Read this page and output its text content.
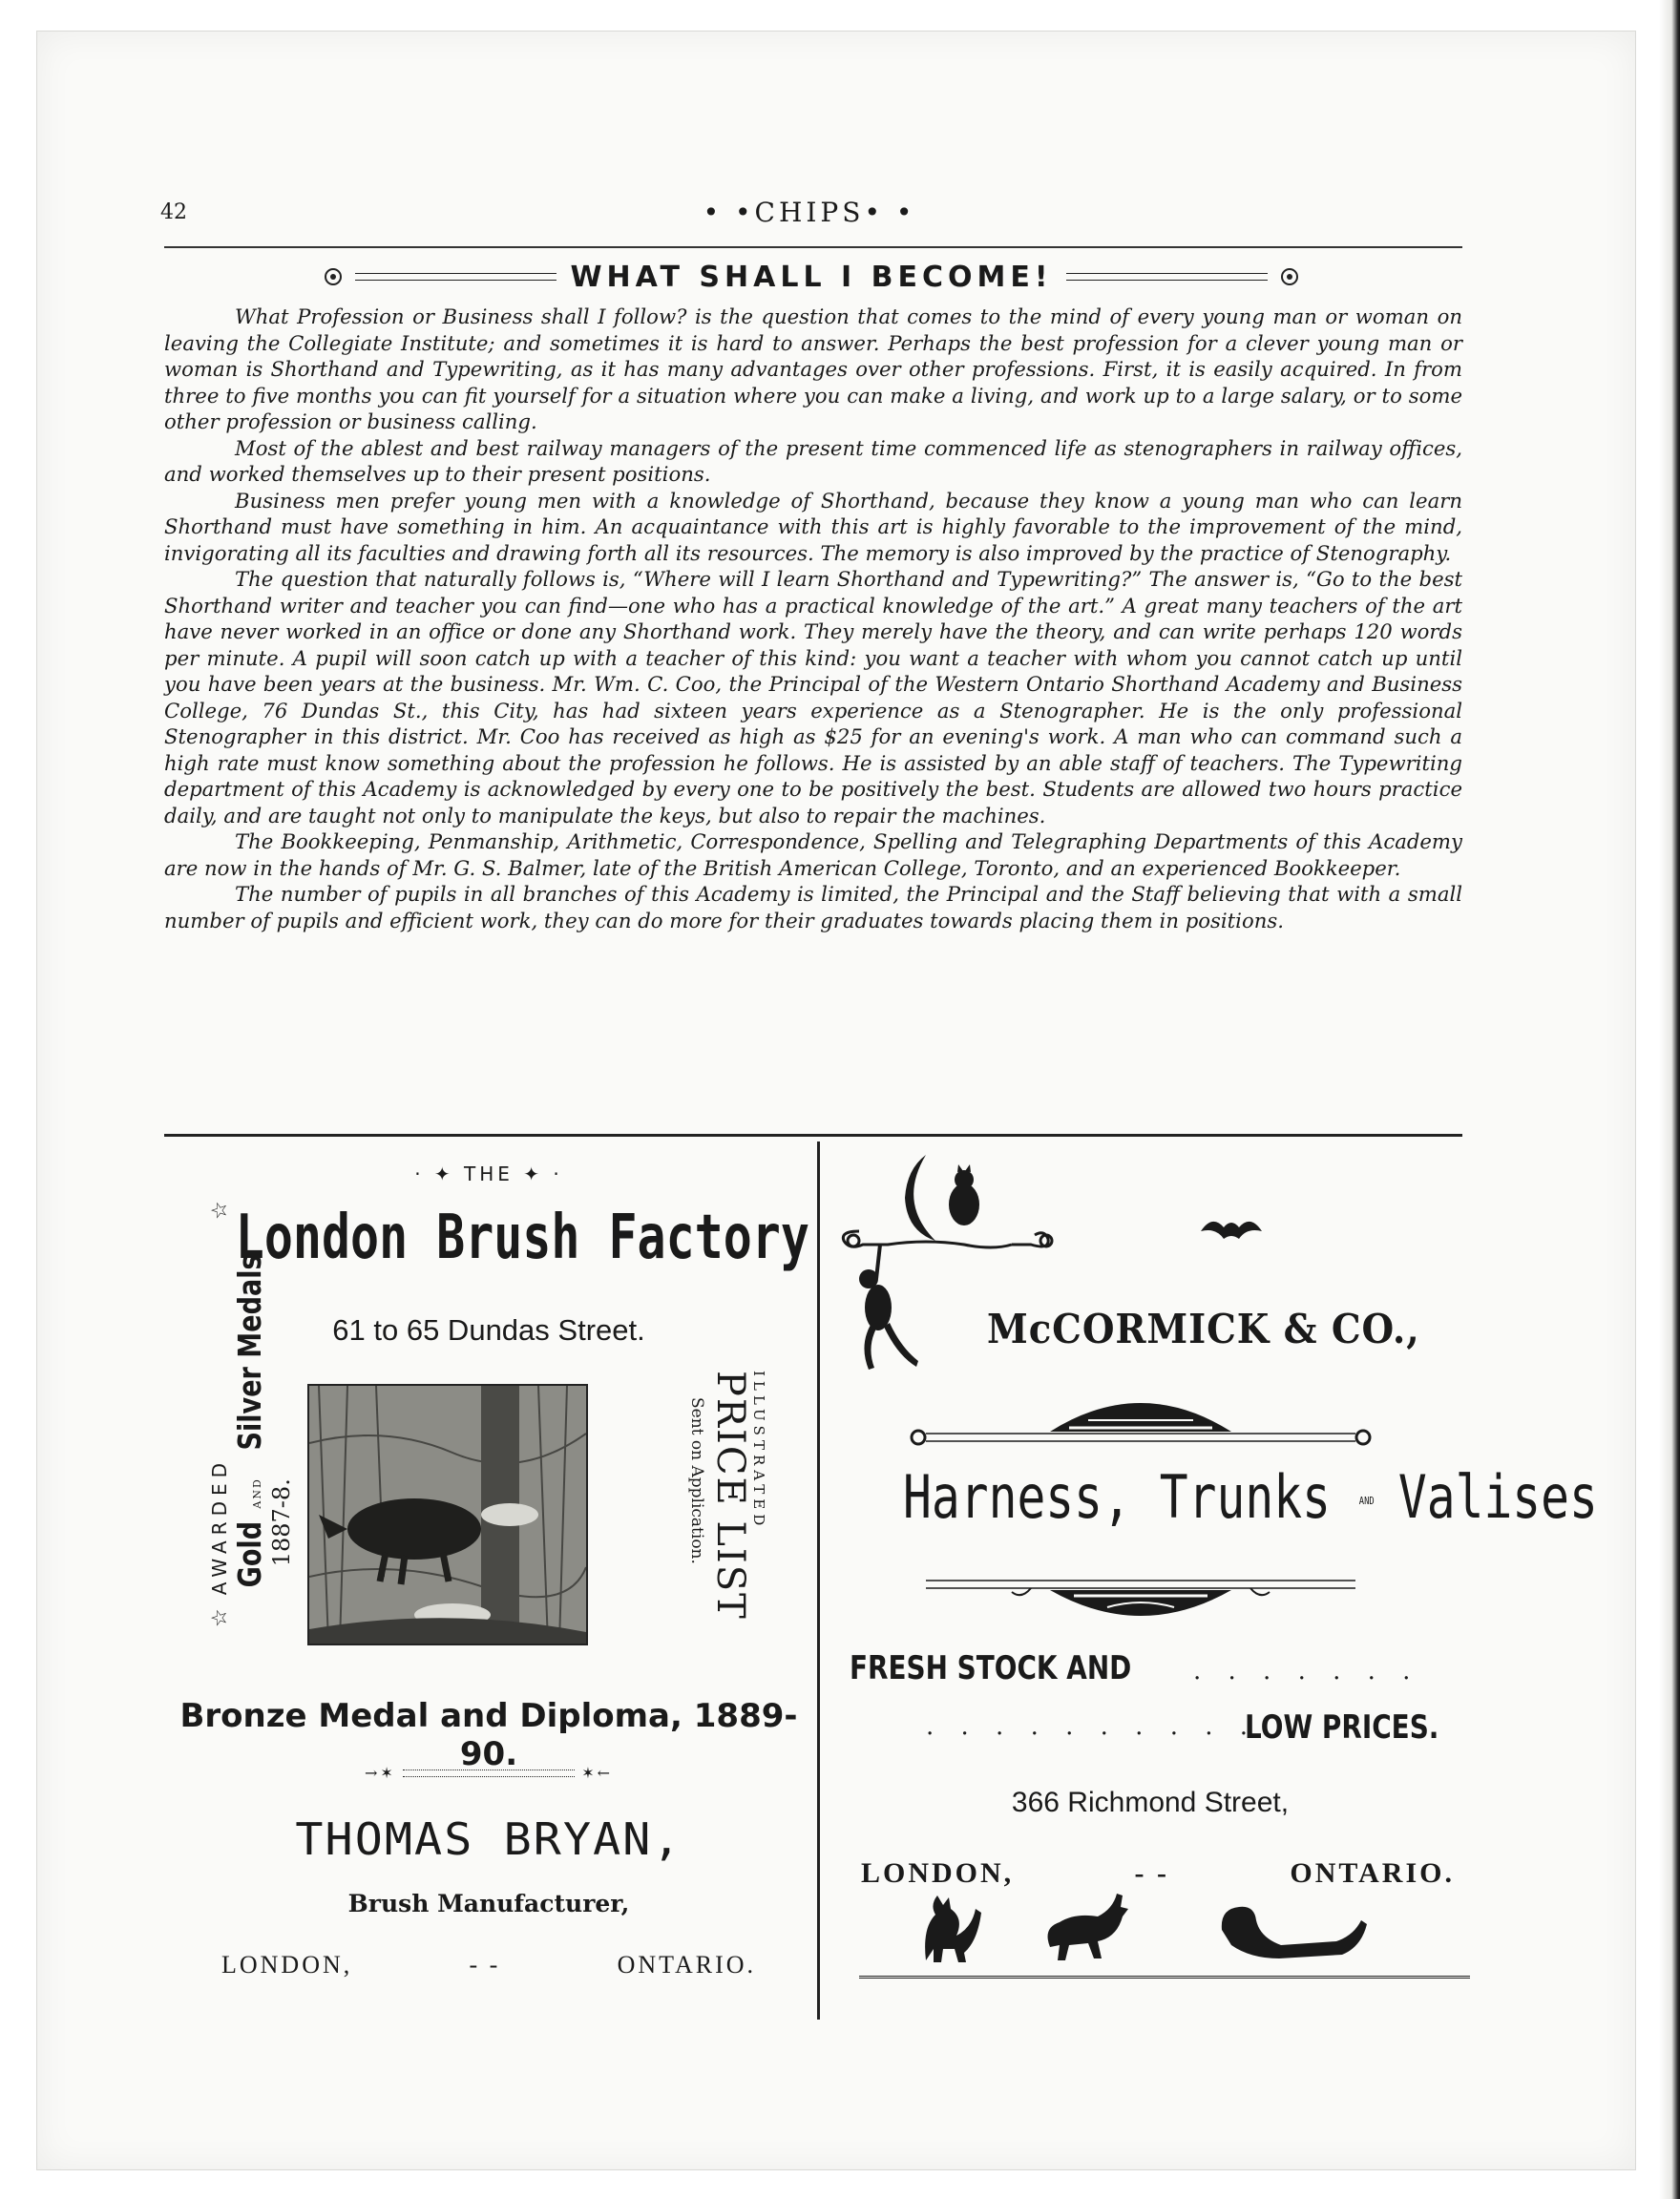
42	• •CHIPS• •
WHAT SHALL I BECOME!

What Profession or Business shall I follow? is the question that comes to the mind of every young man or woman on leaving the Collegiate Institute; and sometimes it is hard to answer. Perhaps the best profession for a clever young man or woman is Shorthand and Typewriting, as it has many advantages over other professions. First, it is easily acquired. In from three to five months you can fit yourself for a situation where you can make a living, and work up to a large salary, or to some other profession or business calling.

Most of the ablest and best railway managers of the present time commenced life as stenographers in railway offices, and worked themselves up to their present positions.

Business men prefer young men with a knowledge of Shorthand, because they know a young man who can learn Shorthand must have something in him. An acquaintance with this art is highly favorable to the improvement of the mind, invigorating all its faculties and drawing forth all its resources. The memory is also improved by the practice of Stenography.

The question that naturally follows is, “Where will I learn Shorthand and Typewriting?” The answer is, “Go to the best Shorthand writer and teacher you can find—one who has a practical knowledge of the art.” A great many teachers of the art have never worked in an office or done any Shorthand work. They merely have the theory, and can write perhaps 120 words per minute. A pupil will soon catch up with a teacher of this kind: you want a teacher with whom you cannot catch up until you have been years at the business. Mr. Wm. C. Coo, the Principal of the Western Ontario Shorthand Academy and Business College, 76 Dundas St., this City, has had sixteen years experience as a Stenographer. He is the only professional Stenographer in this district. Mr. Coo has received as high as $25 for an evening's work. A man who can command such a high rate must know something about the profession he follows. He is assisted by an able staff of teachers. The Typewriting department of this Academy is acknowledged by every one to be positively the best. Students are allowed two hours practice daily, and are taught not only to manipulate the keys, but also to repair the machines.

The Bookkeeping, Penmanship, Arithmetic, Correspondence, Spelling and Telegraphing Departments of this Academy are now in the hands of Mr. G. S. Balmer, late of the British American College, Toronto, and an experienced Bookkeeper.

The number of pupils in all branches of this Academy is limited, the Principal and the Staff believing that with a small number of pupils and efficient work, they can do more for their graduates towards placing them in positions.

· ✦ THE ✦ ·
London Brush Factory
61 to 65 Dundas Street.
☆
AWARDED Gold
AND
Silver Medals
1887-8.
☆
ILLUSTRATED
PRICE LIST
Sent on Application.
Bronze Medal and Diploma, 1889-90.
→✶	✶←
THOMAS BRYAN,
Brush Manufacturer,
LONDON,	- -	ONTARIO.
McCORMICK & CO.,
Harness, Trunks	AND Valises
FRESH STOCK AND . . . . . . .
. . . . . . . . . . .
LOW PRICES.
366 Richmond Street,
LONDON,	- -	ONTARIO.
